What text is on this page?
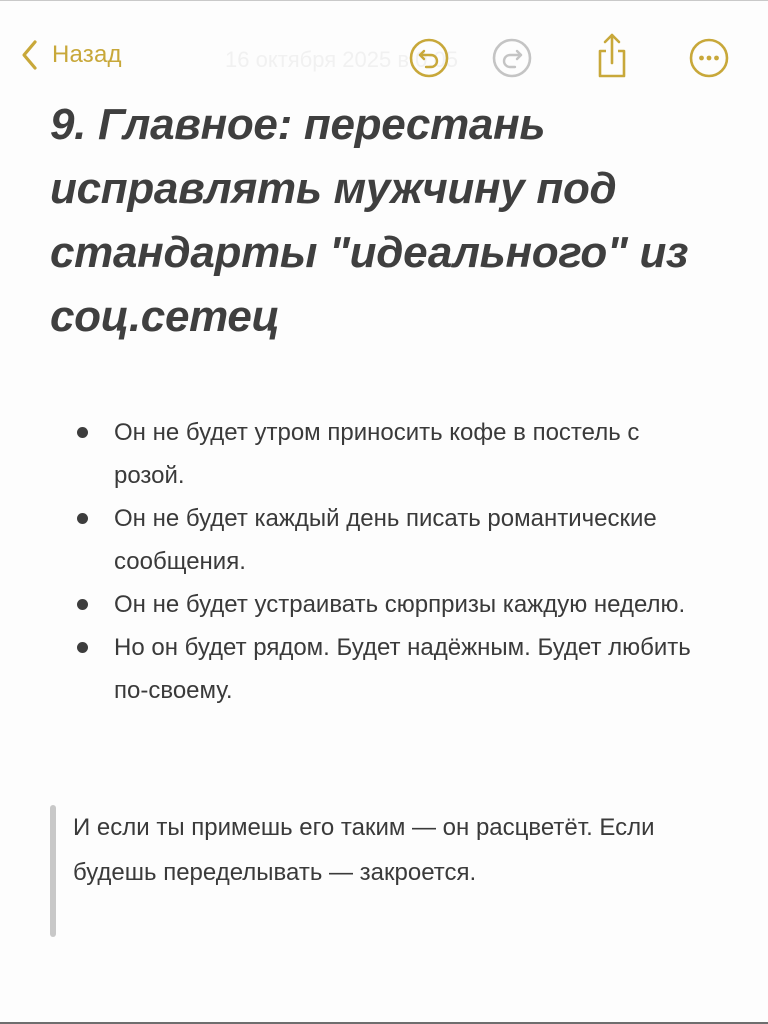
Назад	16 октября 2025 в 0:05
9. Главное: перестань исправлять мужчину под стандарты "идеального" из соц.сетец
Он не будет утром приносить кофе в постель с розой.
Он не будет каждый день писать романтические сообщения.
Он не будет устраивать сюрпризы каждую неделю.
Но он будет рядом. Будет надёжным. Будет любить по-своему.

И если ты примешь его таким — он расцветёт. Если будешь переделывать — закроется.
